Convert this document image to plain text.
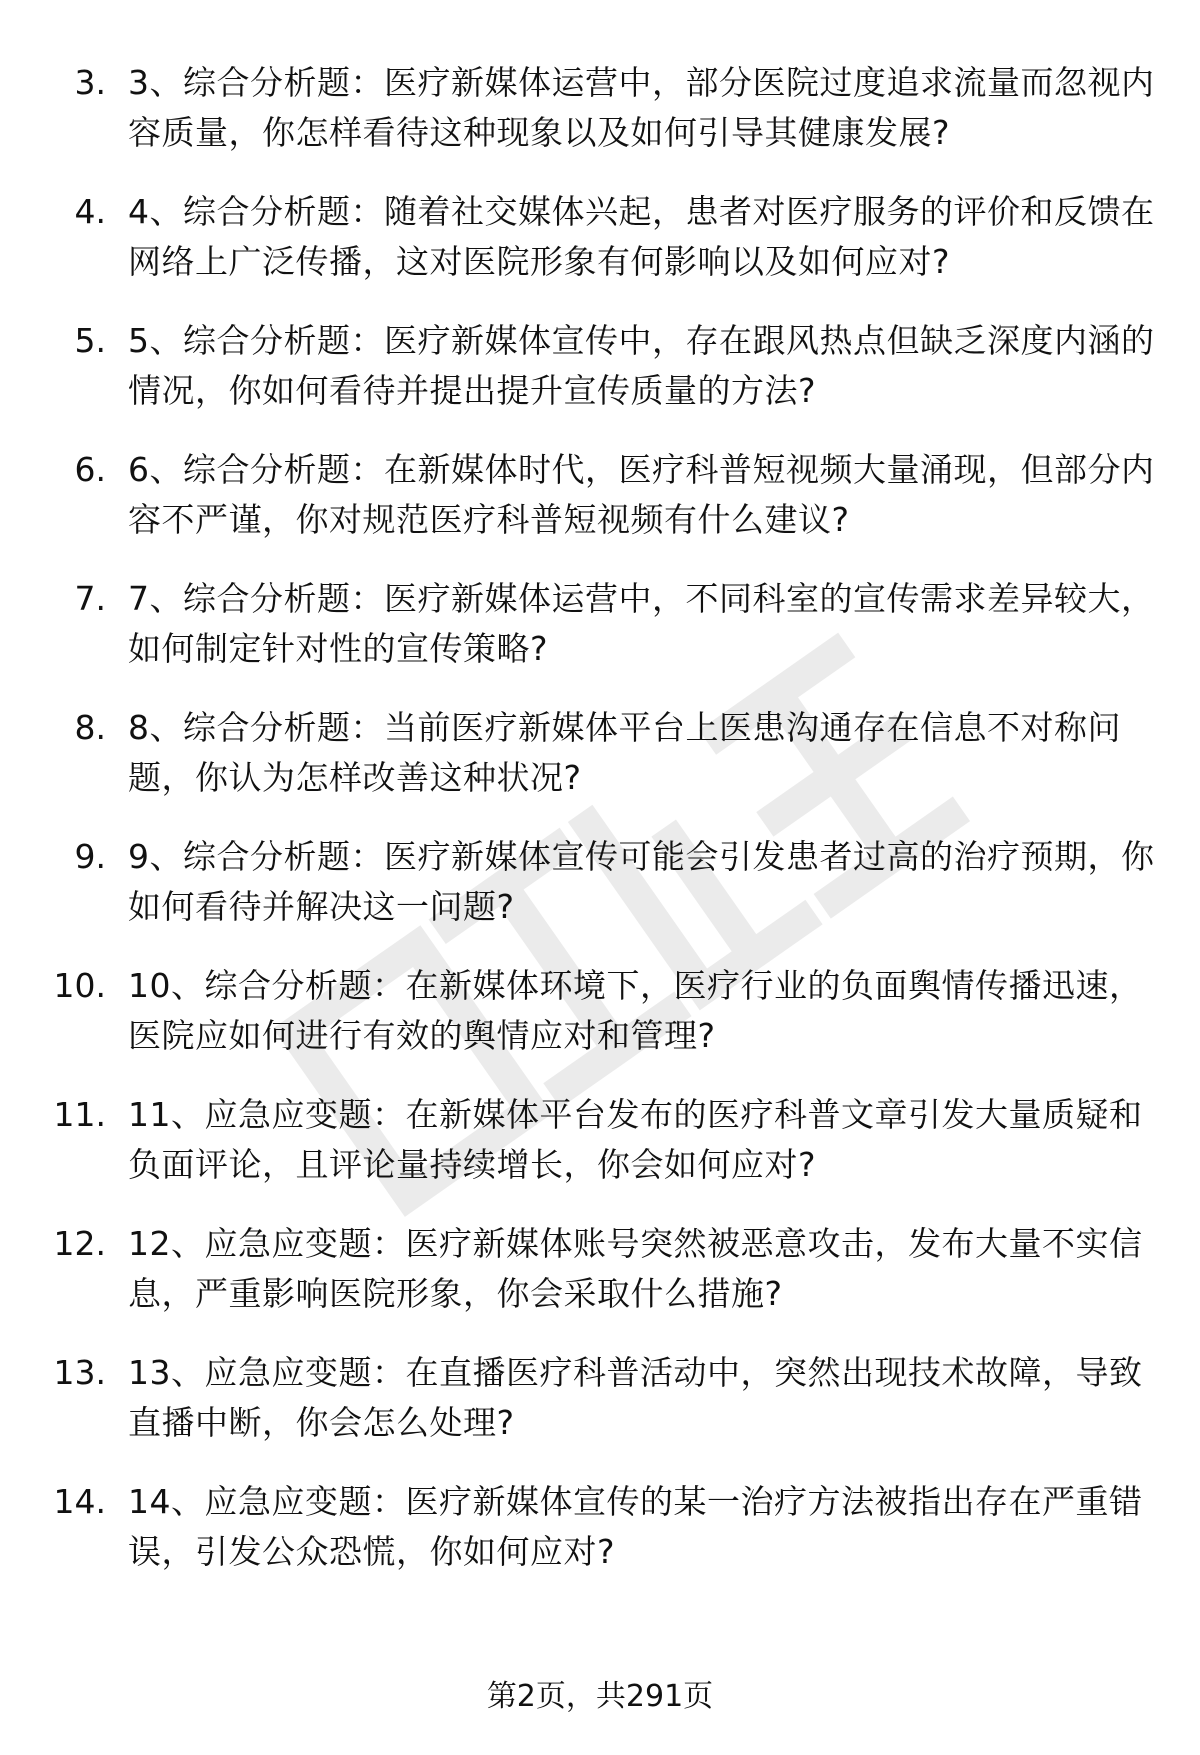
3. 3、综合分析题：医疗新媒体运营中，部分医院过度追求流量而忽视内容质量，你怎样看待这种现象以及如何引导其健康发展?
4. 4、综合分析题：随着社交媒体兴起，患者对医疗服务的评价和反馈在网络上广泛传播，这对医院形象有何影响以及如何应对?
5. 5、综合分析题：医疗新媒体宣传中，存在跟风热点但缺乏深度内涵的情况，你如何看待并提出提升宣传质量的方法?
6. 6、综合分析题：在新媒体时代，医疗科普短视频大量涌现，但部分内容不严谨，你对规范医疗科普短视频有什么建议?
7. 7、综合分析题：医疗新媒体运营中，不同科室的宣传需求差异较大，如何制定针对性的宣传策略?
8. 8、综合分析题：当前医疗新媒体平台上医患沟通存在信息不对称问题，你认为怎样改善这种状况?
9. 9、综合分析题：医疗新媒体宣传可能会引发患者过高的治疗预期，你如何看待并解决这一问题?
10. 10、综合分析题：在新媒体环境下，医疗行业的负面舆情传播迅速，医院应如何进行有效的舆情应对和管理?
11. 11、应急应变题：在新媒体平台发布的医疗科普文章引发大量质疑和负面评论，且评论量持续增长，你会如何应对?
12. 12、应急应变题：医疗新媒体账号突然被恶意攻击，发布大量不实信息，严重影响医院形象，你会采取什么措施?
13. 13、应急应变题：在直播医疗科普活动中，突然出现技术故障，导致直播中断，你会怎么处理?
14. 14、应急应变题：医疗新媒体宣传的某一治疗方法被指出存在严重错误，引发公众恐慌，你如何应对?
第2页，共291页
